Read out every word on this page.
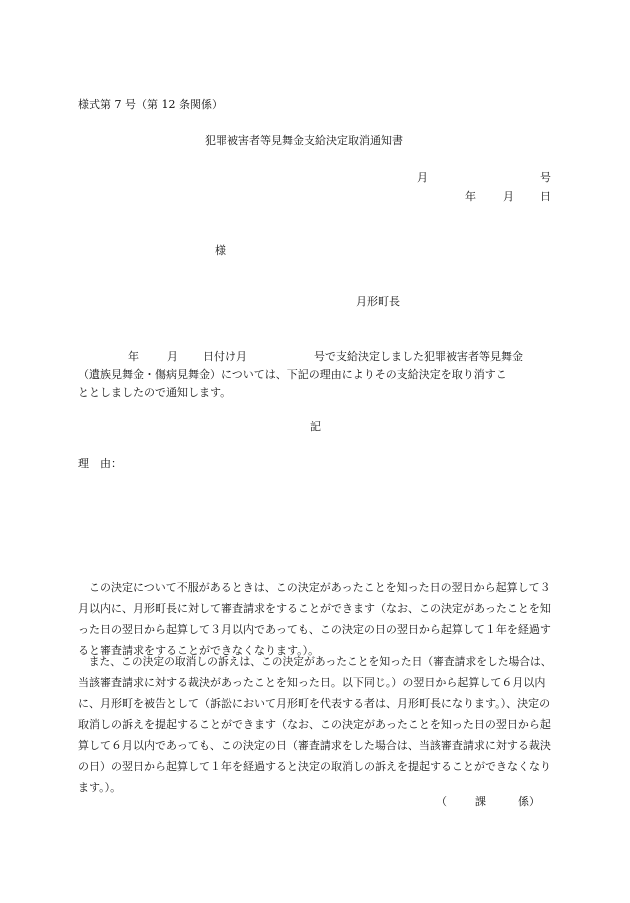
様式第 7 号（第 12 条関係）
犯罪被害者等見舞金支給決定取消通知書
月	号
年 月 日
様
月形町長
年	月 日付け月	号で支給決定しました犯罪被害者等見舞金
（遺族見舞金・傷病見舞金）については、下記の理由によりその支給決定を取り消すこ
ととしましたので通知します。
記
理　由：
　この決定について不服があるときは、この決定があったことを知った日の翌日から起算して３
月以内に、月形町長に対して審査請求をすることができます（なお、この決定があったことを知
った日の翌日から起算して３月以内であっても、この決定の日の翌日から起算して１年を経過す
ると審査請求をすることができなくなります。）。
　また、この決定の取消しの訴えは、この決定があったことを知った日（審査請求をした場合は、
当該審査請求に対する裁決があったことを知った日。以下同じ。）の翌日から起算して６月以内
に、月形町を被告として（訴訟において月形町を代表する者は、月形町長になります。）、決定の
取消しの訴えを提起することができます（なお、この決定があったことを知った日の翌日から起
算して６月以内であっても、この決定の日（審査請求をした場合は、当該審査請求に対する裁決
の日）の翌日から起算して１年を経過すると決定の取消しの訴えを提起することができなくなり
ます。）。
（	課	係）
